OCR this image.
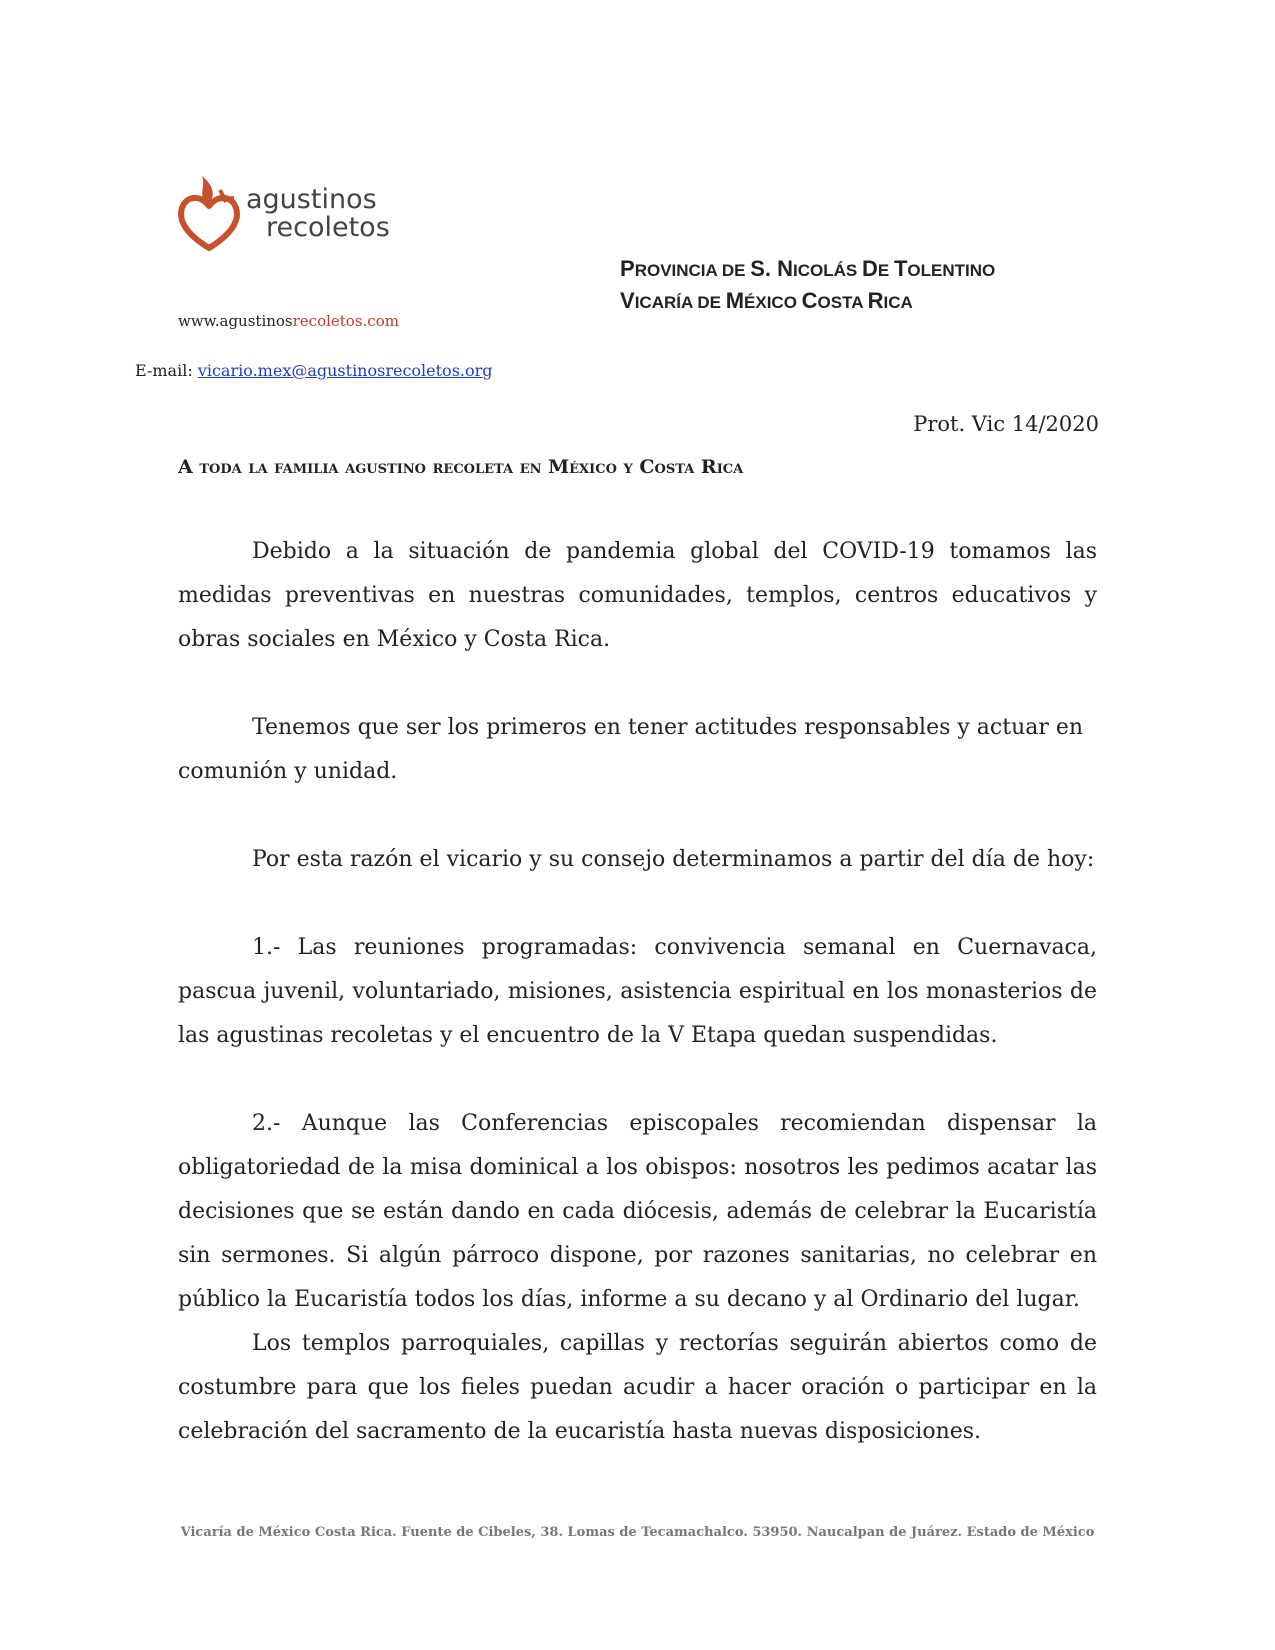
agustinos
recoletos
PROVINCIA DE S. NICOLÁS DE TOLENTINO
VICARÍA DE MÉXICO COSTA RICA
www.agustinosrecoletos.com
E-mail: vicario.mex@agustinosrecoletos.org
Prot. Vic 14/2020
A toda la familia agustino recoleta en México y Costa Rica

Debido a la situación de pandemia global del COVID-19 tomamos las medidas preventivas en nuestras comunidades, templos, centros educativos y obras sociales en México y Costa Rica.

Tenemos que ser los primeros en tener actitudes responsables y actuar en comunión y unidad.

Por esta razón el vicario y su consejo determinamos a partir del día de hoy:

1.- Las reuniones programadas: convivencia semanal en Cuernavaca, pascua juvenil, voluntariado, misiones, asistencia espiritual en los monasterios de las agustinas recoletas y el encuentro de la V Etapa quedan suspendidas.

2.- Aunque las Conferencias episcopales recomiendan dispensar la obligatoriedad de la misa dominical a los obispos: nosotros les pedimos acatar las decisiones que se están dando en cada diócesis, además de celebrar la Eucaristía sin sermones. Si algún párroco dispone, por razones sanitarias, no celebrar en público la Eucaristía todos los días, informe a su decano y al Ordinario del lugar.

Los templos parroquiales, capillas y rectorías seguirán abiertos como de costumbre para que los fieles puedan acudir a hacer oración o participar en la celebración del sacramento de la eucaristía hasta nuevas disposiciones.

Vicaría de México Costa Rica. Fuente de Cibeles, 38. Lomas de Tecamachalco. 53950. Naucalpan de Juárez. Estado de México
